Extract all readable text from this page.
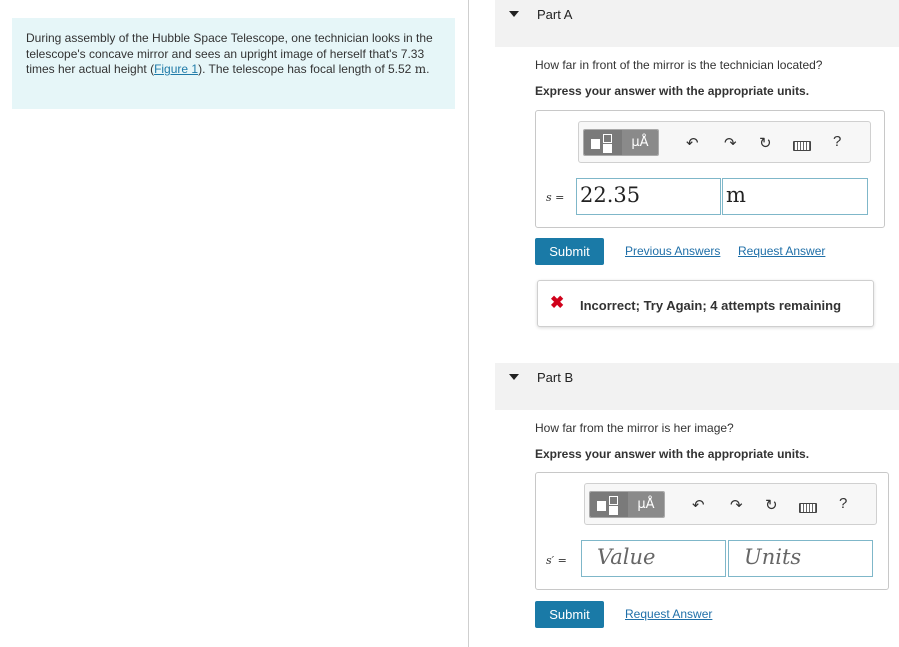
During assembly of the Hubble Space Telescope, one technician looks in the telescope's concave mirror and sees an upright image of herself that's 7.33 times her actual height (Figure 1). The telescope has focal length of 5.52 m.
Part A
How far in front of the mirror is the technician located?
Express your answer with the appropriate units.
μÅ	↶ ↷ ↻	?
s = 22.35	m
Submit	Previous Answers Request Answer
✖ Incorrect; Try Again; 4 attempts remaining
Part B
How far from the mirror is her image?
Express your answer with the appropriate units.
μÅ	↶ ↷ ↻	?
s′ =	Value	Units
Submit	Request Answer
